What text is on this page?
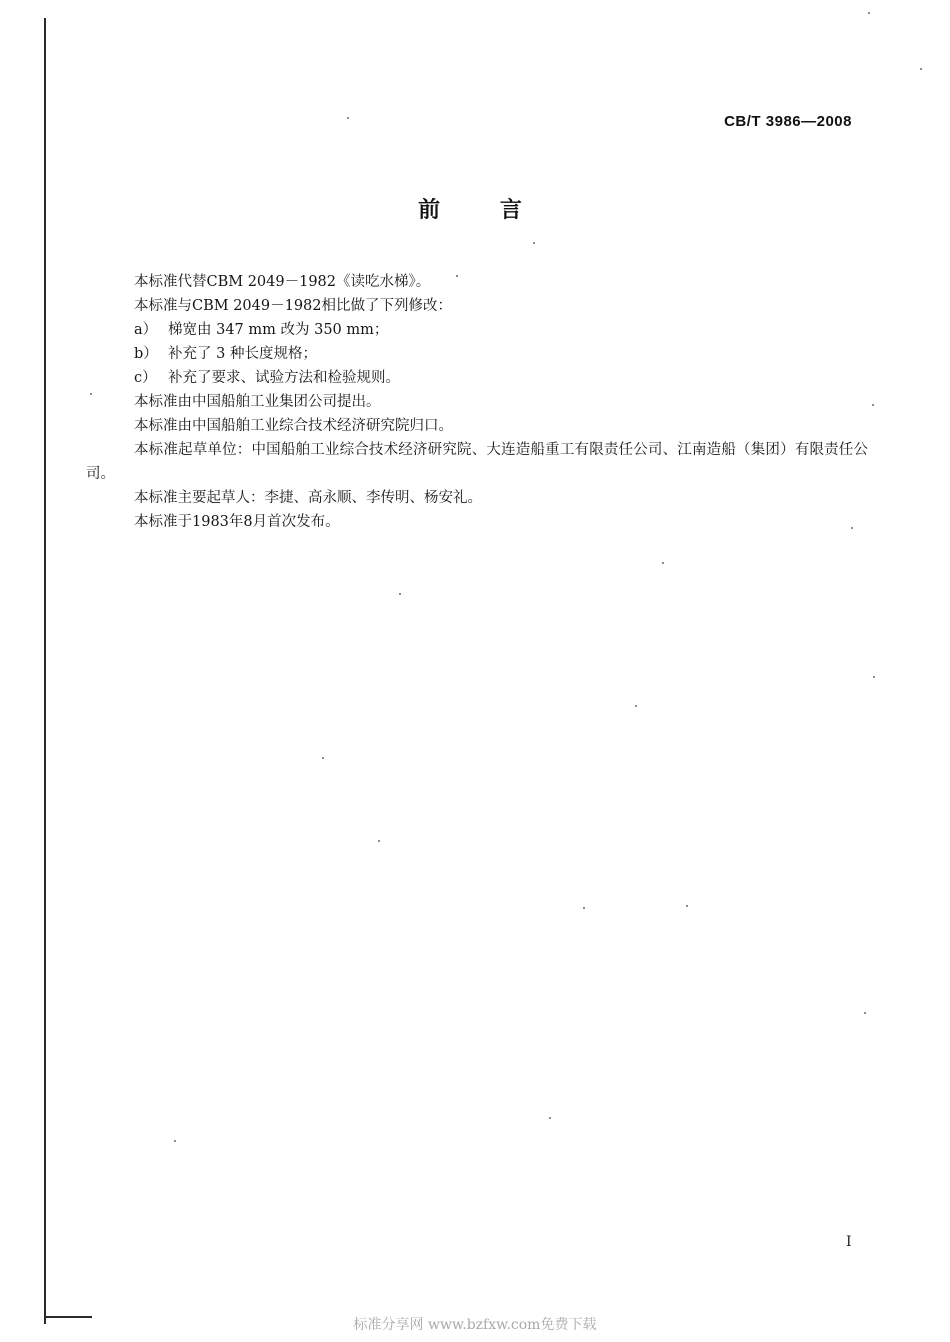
CB/T 3986—2008
前 言

本标准代替CBM 2049－1982《读吃水梯》。

本标准与CBM 2049－1982相比做了下列修改：

a） 梯宽由 347 mm 改为 350 mm；

b） 补充了 3 种长度规格；

c） 补充了要求、试验方法和检验规则。

本标准由中国船舶工业集团公司提出。

本标准由中国船舶工业综合技术经济研究院归口。

本标准起草单位：中国船舶工业综合技术经济研究院、大连造船重工有限责任公司、江南造船（集团）有限责任公司。

本标准主要起草人：李捷、高永顺、李传明、杨安礼。

本标准于1983年8月首次发布。

I
标准分享网 www.bzfxw.com免费下载
